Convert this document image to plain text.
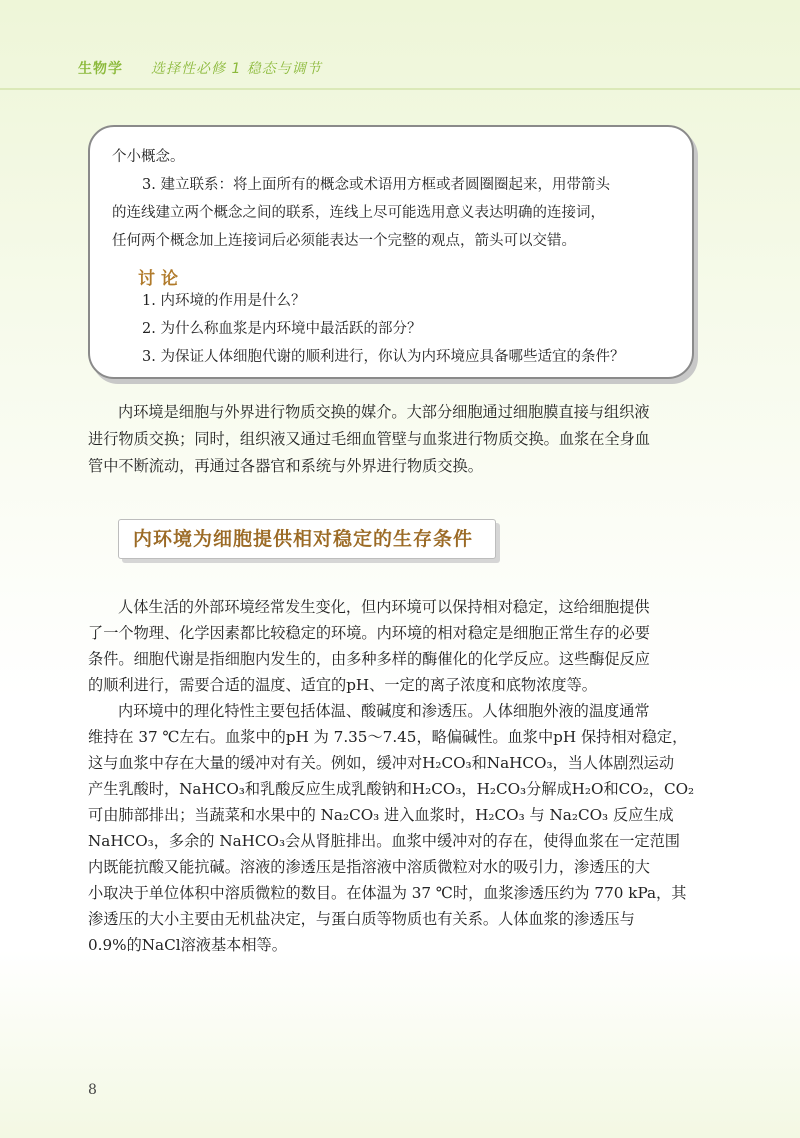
生物学 选择性必修 1 稳态与调节
个小概念。
3. 建立联系：将上面所有的概念或术语用方框或者圆圈圈起来，用带箭头
的连线建立两个概念之间的联系，连线上尽可能选用意义表达明确的连接词，
任何两个概念加上连接词后必须能表达一个完整的观点，箭头可以交错。
讨论
1. 内环境的作用是什么？
2. 为什么称血浆是内环境中最活跃的部分？
3. 为保证人体细胞代谢的顺利进行，你认为内环境应具备哪些适宜的条件？
内环境是细胞与外界进行物质交换的媒介。大部分细胞通过细胞膜直接与组织液
进行物质交换；同时，组织液又通过毛细血管壁与血浆进行物质交换。血浆在全身血
管中不断流动，再通过各器官和系统与外界进行物质交换。
内环境为细胞提供相对稳定的生存条件
人体生活的外部环境经常发生变化，但内环境可以保持相对稳定，这给细胞提供
了一个物理、化学因素都比较稳定的环境。内环境的相对稳定是细胞正常生存的必要
条件。细胞代谢是指细胞内发生的，由多种多样的酶催化的化学反应。这些酶促反应
的顺利进行，需要合适的温度、适宜的pH、一定的离子浓度和底物浓度等。
内环境中的理化特性主要包括体温、酸碱度和渗透压。人体细胞外液的温度通常
维持在 37 ℃左右。血浆中的pH 为 7.35～7.45，略偏碱性。血浆中pH 保持相对稳定，
这与血浆中存在大量的缓冲对有关。例如，缓冲对H₂CO₃和NaHCO₃，当人体剧烈运动
产生乳酸时，NaHCO₃和乳酸反应生成乳酸钠和H₂CO₃，H₂CO₃分解成H₂O和CO₂，CO₂
可由肺部排出；当蔬菜和水果中的 Na₂CO₃ 进入血浆时，H₂CO₃ 与 Na₂CO₃ 反应生成
NaHCO₃，多余的 NaHCO₃会从肾脏排出。血浆中缓冲对的存在，使得血浆在一定范围
内既能抗酸又能抗碱。溶液的渗透压是指溶液中溶质微粒对水的吸引力，渗透压的大
小取决于单位体积中溶质微粒的数目。在体温为 37 ℃时，血浆渗透压约为 770 kPa，其
渗透压的大小主要由无机盐决定，与蛋白质等物质也有关系。人体血浆的渗透压与
0.9%的NaCl溶液基本相等。
8
